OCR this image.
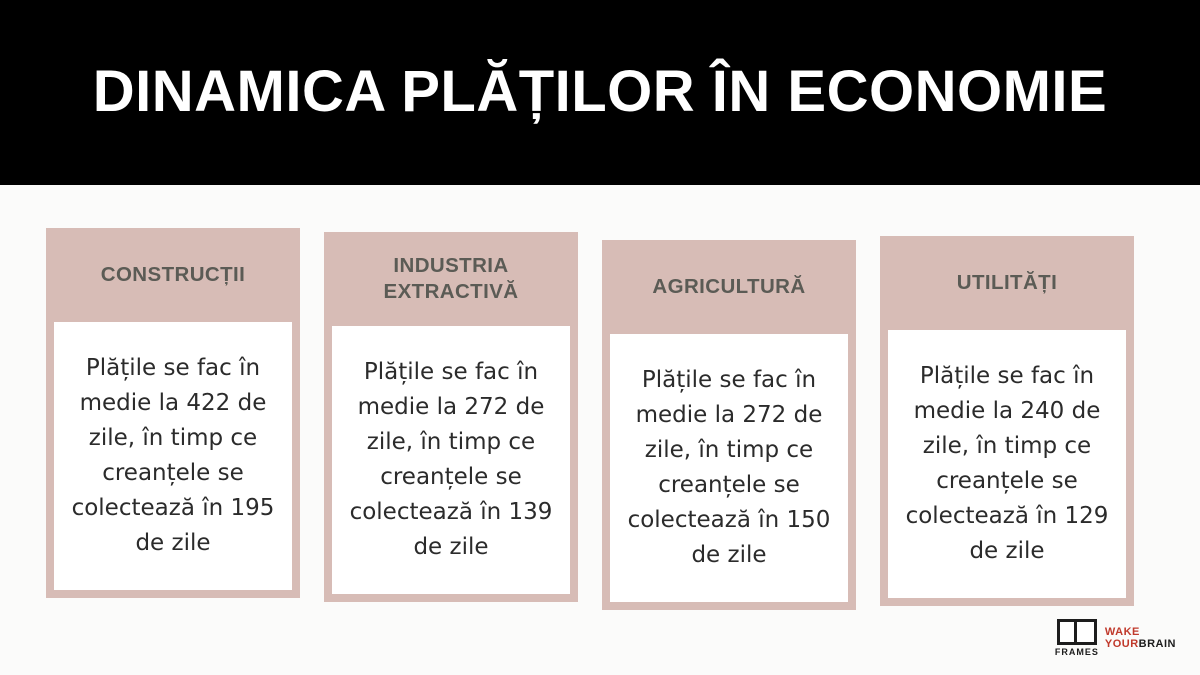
DINAMICA PLĂȚILOR ÎN ECONOMIE
CONSTRUCȚII
Plățile se fac în medie la 422 de zile, în timp ce creanțele se colectează în 195 de zile
INDUSTRIA EXTRACTIVĂ
Plățile se fac în medie la 272 de zile, în timp ce creanțele se colectează în 139 de zile
AGRICULTURĂ
Plățile se fac în medie la 272 de zile, în timp ce creanțele se colectează în 150 de zile
UTILITĂȚI
Plățile se fac în medie la 240 de zile, în timp ce creanțele se colectează în 129 de zile
FRAMES
WAKE
YOURBRAIN
